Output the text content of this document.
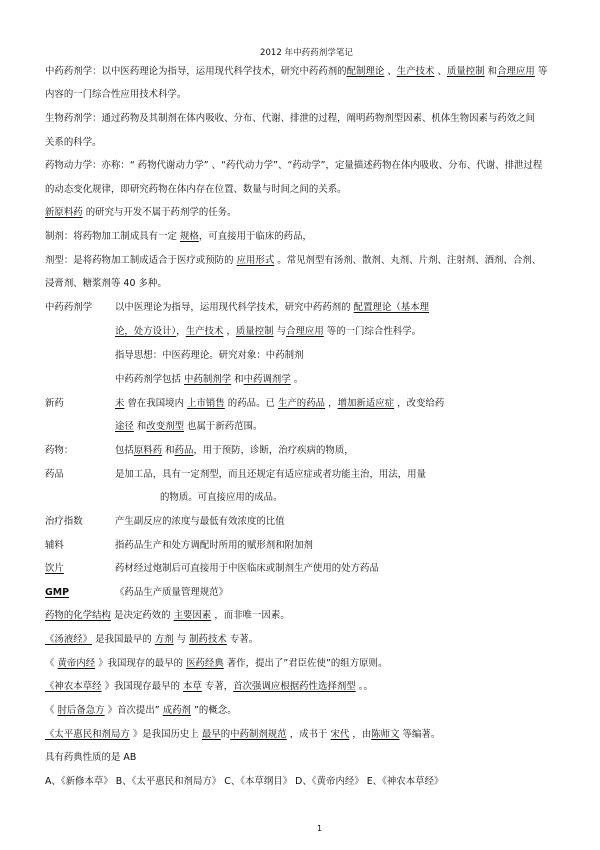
2012 年中药药剂学笔记
中药药剂学：以中医药理论为指导，运用现代科学技术，研究中药药剂的配制理论 、生产技术 、质量控制 和合理应用 等
内容的一门综合性应用技术科学。
生物药剂学：通过药物及其制剂在体内吸收、分布、代谢、排泄的过程，阐明药物剂型因素、机体生物因素与药效之间
关系的科学。
药物动力学：亦称：“ 药物代谢动力学” 、“药代动力学”、“药动学”，定量描述药物在体内吸收、分布、代谢、排泄过程
的动态变化规律，即研究药物在体内存在位置、数量与时间之间的关系。
新原料药 的研究与开发不属于药剂学的任务。
制剂：将药物加工制成具有一定 规格，可直接用于临床的药品，
剂型：是将药物加工制成适合于医疗或预防的 应用形式 。常见剂型有汤剂、散剂、丸剂、片剂、注射剂、酒剂、合剂、
浸膏剂、糖浆剂等 40 多种。
中药药剂学 以中医理论为指导，运用现代科学技术，研究中药药剂的 配置理论（基本理
论，处方设计），生产技术 ，质量控制 与合理应用 等的一门综合性科学。
指导思想：中医药理论。研究对象：中药制剂
中药药剂学包括 中药制剂学 和中药调剂学 。
新药	未 曾在我国境内 上市销售 的药品。已 生产的药品 ，增加新适应症 ，改变给药
途径 和改变剂型 也属于新药范围。
药物：	包括原料药 和药品，用于预防，诊断，治疗疾病的物质，
药品	是加工品，具有一定剂型，而且还规定有适应症或者功能主治，用法，用量
的物质。可直接应用的成品。
治疗指数	产生副反应的浓度与最低有效浓度的比值
辅料	指药品生产和处方调配时所用的赋形剂和附加剂
饮片	药材经过炮制后可直接用于中医临床或制剂生产使用的处方药品
GMP	《药品生产质量管理规范》
药物的化学结构 是决定药效的 主要因素 ，而非唯一因素。
《汤液经》 是我国最早的 方剂 与 制药技术 专著。
《 黄帝内经 》我国现存的最早的 医药经典 著作，提出了”君臣佐使”的组方原则。
《神农本草经 》我国现存最早的 本草 专著，首次强调应根据药性选择剂型 。。
《 肘后备急方 》首次提出” 成药剂 ”的概念。
《太平惠民和剂局方 》是我国历史上 最早的中药制剂规范 ，成书于 宋代 ，由陈师文 等编著。
具有药典性质的是 AB
A、《新修本草》 B、《太平惠民和剂局方》 C、《本草纲目》 D、《黄帝内经》 E、《神农本草经》
1
